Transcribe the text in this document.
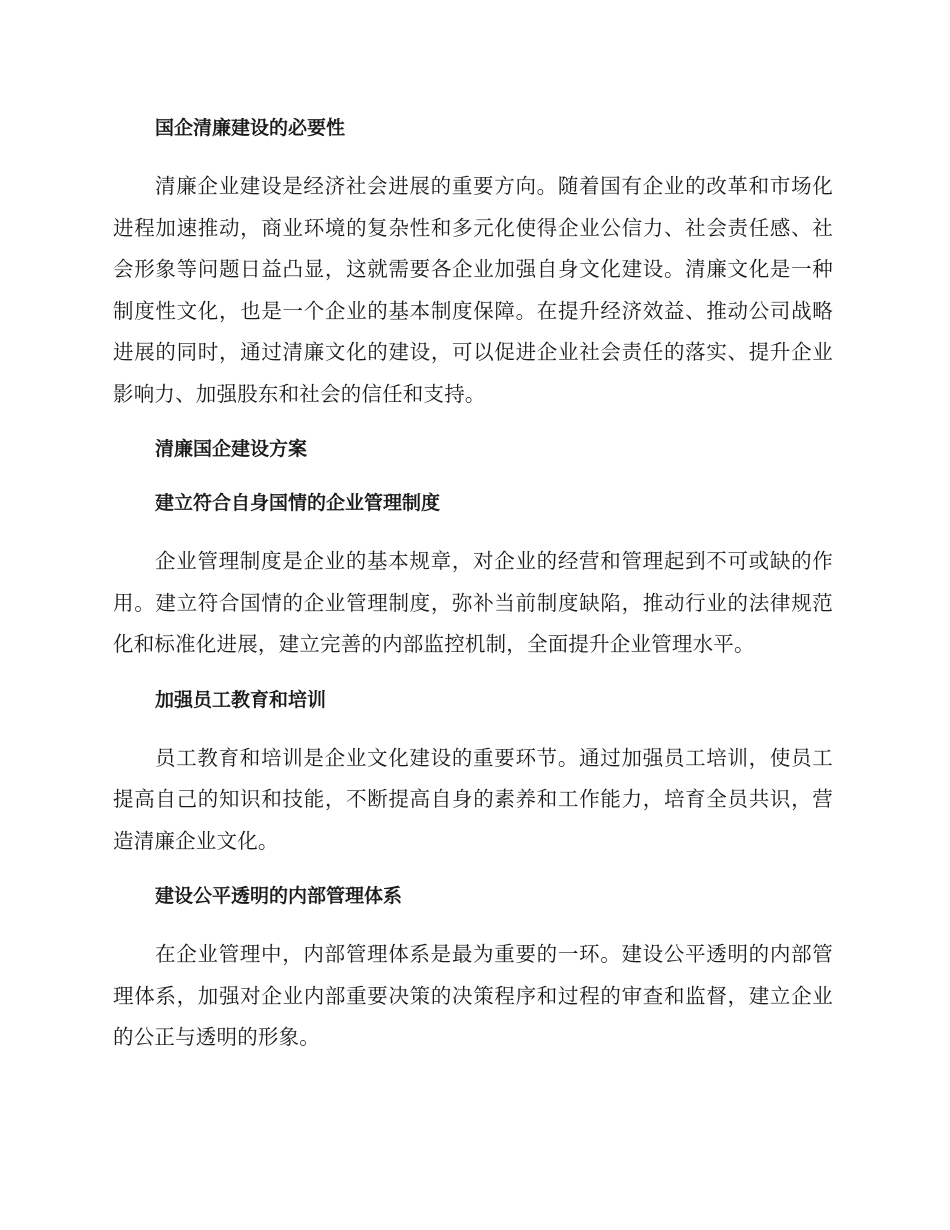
国企清廉建设的必要性

清廉企业建设是经济社会进展的重要方向。随着国有企业的改革和市场化进程加速推动，商业环境的复杂性和多元化使得企业公信力、社会责任感、社会形象等问题日益凸显，这就需要各企业加强自身文化建设。清廉文化是一种制度性文化，也是一个企业的基本制度保障。在提升经济效益、推动公司战略进展的同时，通过清廉文化的建设，可以促进企业社会责任的落实、提升企业影响力、加强股东和社会的信任和支持。

清廉国企建设方案

建立符合自身国情的企业管理制度

企业管理制度是企业的基本规章，对企业的经营和管理起到不可或缺的作用。建立符合国情的企业管理制度，弥补当前制度缺陷，推动行业的法律规范化和标准化进展，建立完善的内部监控机制，全面提升企业管理水平。

加强员工教育和培训

员工教育和培训是企业文化建设的重要环节。通过加强员工培训，使员工提高自己的知识和技能，不断提高自身的素养和工作能力，培育全员共识，营造清廉企业文化。

建设公平透明的内部管理体系

在企业管理中，内部管理体系是最为重要的一环。建设公平透明的内部管理体系，加强对企业内部重要决策的决策程序和过程的审查和监督，建立企业的公正与透明的形象。
